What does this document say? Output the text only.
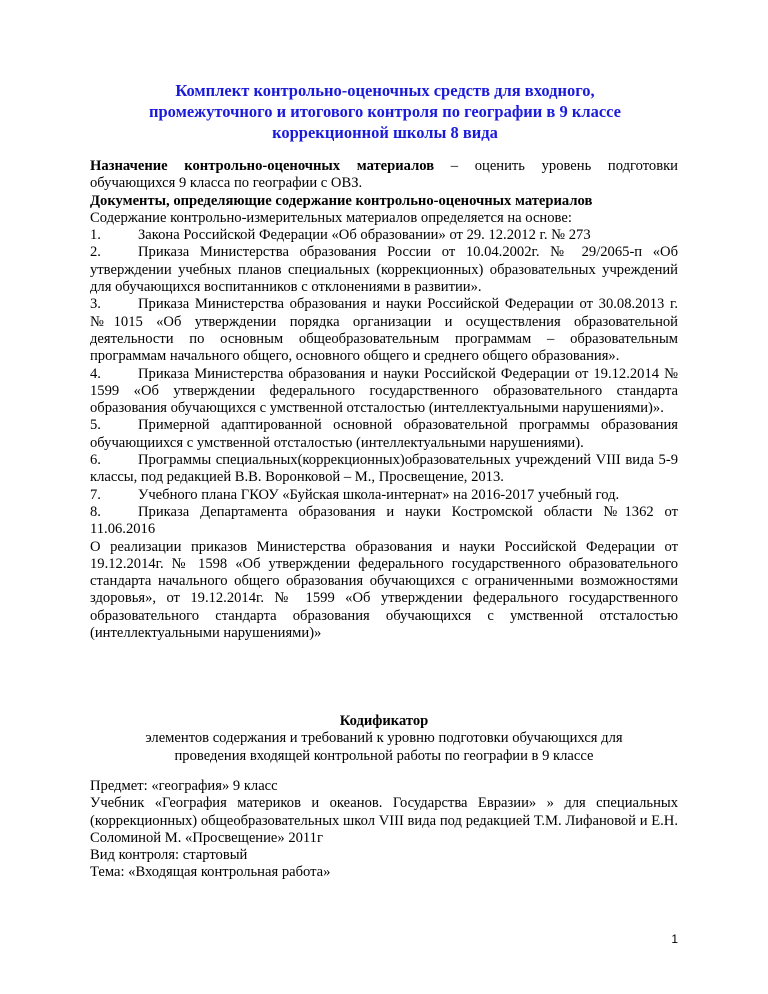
Комплект контрольно-оценочных средств для входного,
промежуточного и итогового контроля по географии в 9 классе
коррекционной школы 8 вида
Назначение контрольно-оценочных материалов – оценить уровень подготовки обучающихся 9 класса по географии с ОВЗ.
Документы, определяющие содержание контрольно-оценочных материалов
Содержание контрольно-измерительных материалов определяется на основе:
1.	Закона Российской Федерации «Об образовании» от 29. 12.2012 г. № 273
2.	Приказа Министерства образования России от 10.04.2002г. № 29/2065-п «Об утверждении учебных планов специальных (коррекционных) образовательных учреждений для обучающихся воспитанников с отклонениями в развитии».
3.	Приказа Министерства образования и науки Российской Федерации от 30.08.2013 г. №1015 «Об утверждении порядка организации и осуществления образовательной деятельности по основным общеобразовательным программам – образовательным программам начального общего, основного общего и среднего общего образования».
4.	Приказа Министерства образования и науки Российской Федерации от 19.12.2014 № 1599 «Об утверждении федерального государственного образовательного стандарта образования обучающихся с умственной отсталостью (интеллектуальными нарушениями)».
5.	Примерной адаптированной основной образовательной программы образования обучающиихся с умственной отсталостью (интеллектуальными нарушениями).
6.	Программы специальных(коррекционных)образовательных учреждений VIII вида 5-9 классы, под редакцией В.В. Воронковой – М., Просвещение, 2013.
7.	Учебного плана ГКОУ «Буйская школа-интернат» на 2016-2017 учебный год.
8.	Приказа Департамента образования и науки Костромской области №1362 от 11.06.2016
О реализации приказов Министерства образования и науки Российской Федерации от 19.12.2014г. № 1598 «Об утверждении федерального государственного образовательного стандарта начального общего образования обучающихся с ограниченными возможностями здоровья», от 19.12.2014г. № 1599 «Об утверждении федерального государственного образовательного стандарта образования обучающихся с умственной отсталостью (интеллектуальными нарушениями)»
Кодификатор
элементов содержания и требований к уровню подготовки обучающихся для
проведения входящей контрольной работы по географии в 9 классе
Предмет: «география» 9 класс
Учебник «География материков и океанов. Государства Евразии» » для специальных (коррекционных) общеобразовательных школ VIII вида под редакцией Т.М. Лифановой и Е.Н. Соломиной М. «Просвещение» 2011г
Вид контроля: стартовый
Тема: «Входящая контрольная работа»
1
